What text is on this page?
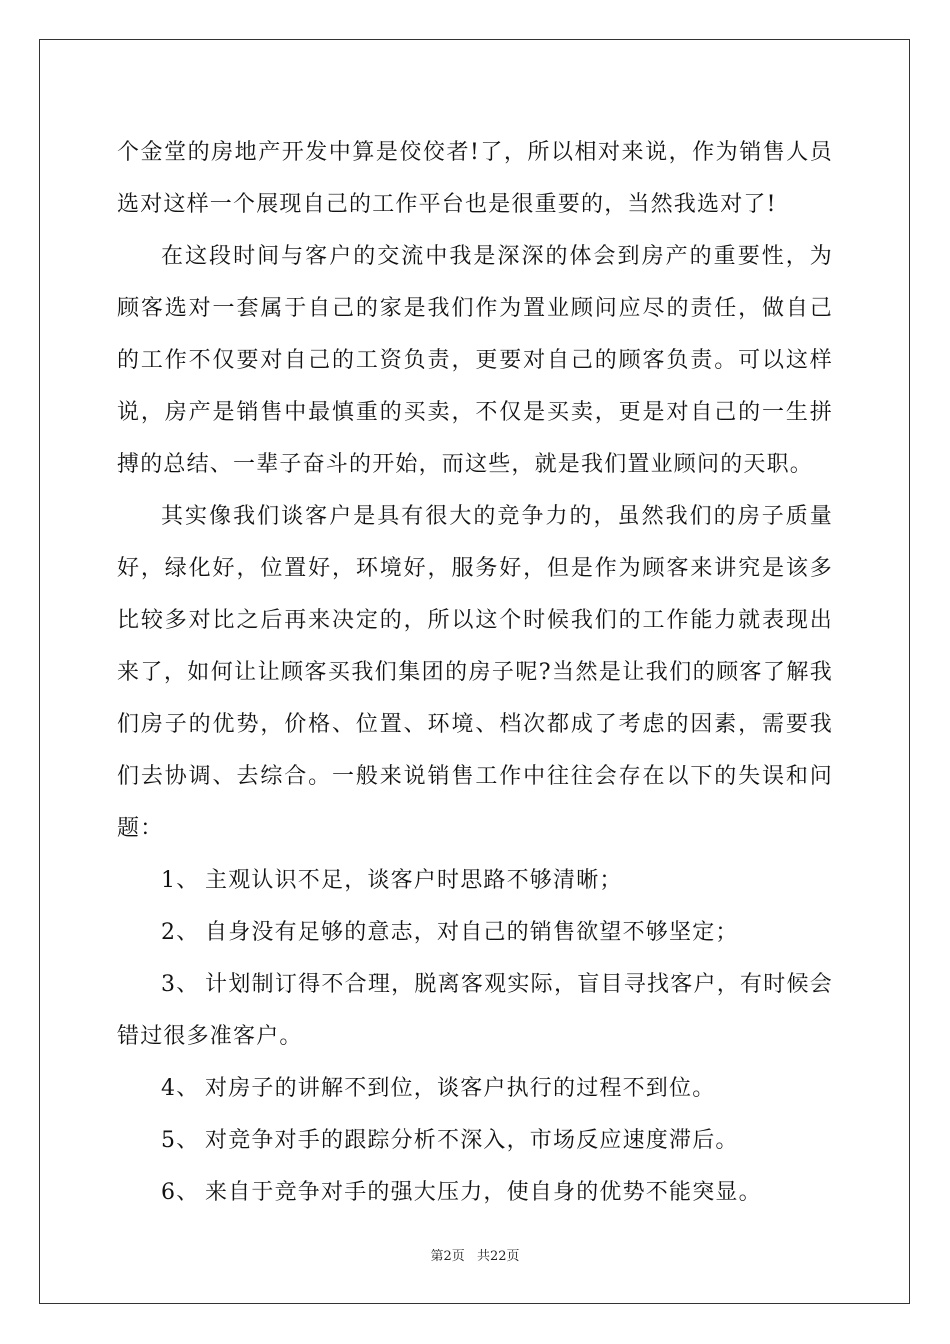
个金堂的房地产开发中算是佼佼者!了，所以相对来说，作为销售人员选对这样一个展现自己的工作平台也是很重要的，当然我选对了!

在这段时间与客户的交流中我是深深的体会到房产的重要性，为顾客选对一套属于自己的家是我们作为置业顾问应尽的责任，做自己的工作不仅要对自己的工资负责，更要对自己的顾客负责。可以这样说，房产是销售中最慎重的买卖，不仅是买卖，更是对自己的一生拼搏的总结、一辈子奋斗的开始，而这些，就是我们置业顾问的天职。

其实像我们谈客户是具有很大的竞争力的，虽然我们的房子质量好，绿化好，位置好，环境好，服务好，但是作为顾客来讲究是该多比较多对比之后再来决定的，所以这个时候我们的工作能力就表现出来了，如何让让顾客买我们集团的房子呢?当然是让我们的顾客了解我们房子的优势，价格、位置、环境、档次都成了考虑的因素，需要我们去协调、去综合。一般来说销售工作中往往会存在以下的失误和问题：

1、 主观认识不足，谈客户时思路不够清晰；

2、 自身没有足够的意志，对自己的销售欲望不够坚定；

3、 计划制订得不合理，脱离客观实际，盲目寻找客户，有时候会错过很多准客户。

4、 对房子的讲解不到位，谈客户执行的过程不到位。

5、 对竞争对手的跟踪分析不深入，市场反应速度滞后。

6、 来自于竞争对手的强大压力，使自身的优势不能突显。

第2页 共22页
